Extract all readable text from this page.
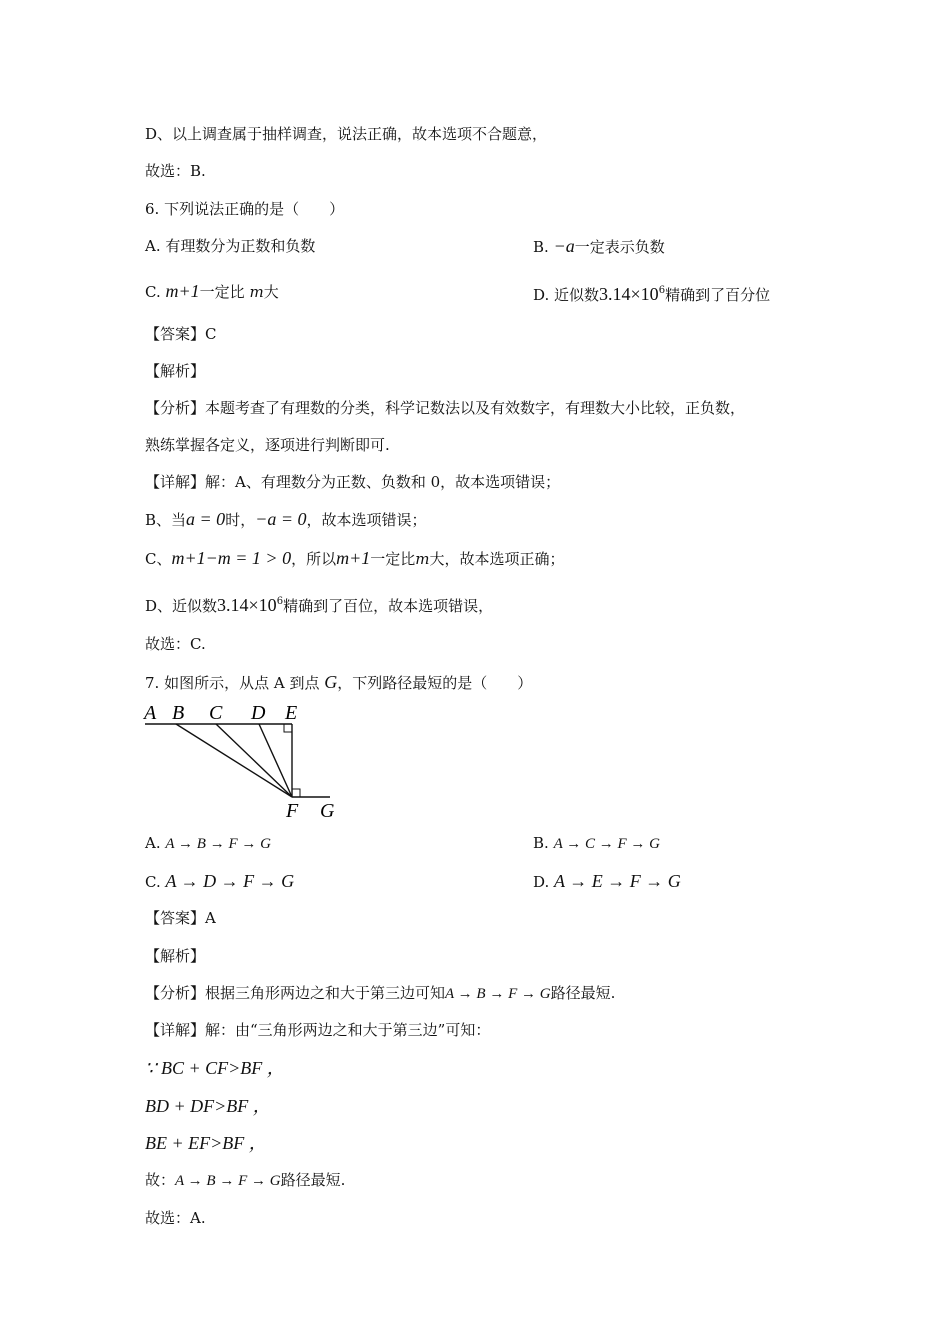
D、以上调查属于抽样调查，说法正确，故本选项不合题意，
故选：B.
6. 下列说法正确的是（　　）
A. 有理数分为正数和负数	B. −a一定表示负数
C. m+1一定比 m大	D. 近似数$3.14\times 10^6$精确到了百分位
【答案】C
【解析】
【分析】本题考查了有理数的分类，科学记数法以及有效数字，有理数大小比较，正负数，
熟练掌握各定义，逐项进行判断即可.
【详解】解：A、有理数分为正数、负数和 0，故本选项错误；
B、当a = 0时，−a = 0，故本选项错误；
C、m+1−m = 1 > 0，所以m+1一定比m大，故本选项正确；
D、近似数$3.14\times 10^6$精确到了百位，故本选项错误，
故选：C.
7. 如图所示，从点 A 到点 G，下列路径最短的是（　　）
A B C D E
F G
A. A → B → F → G	B. A → C → F → G
C. A → D → F → G	D. A → E → F → G
【答案】A
【解析】
【分析】根据三角形两边之和大于第三边可知A → B → F → G路径最短.
【详解】解：由“三角形两边之和大于第三边”可知：
∵ BC + CF>BF ，
BD + DF>BF ，
BE + EF>BF ，
故：A → B → F → G路径最短.
故选：A.
